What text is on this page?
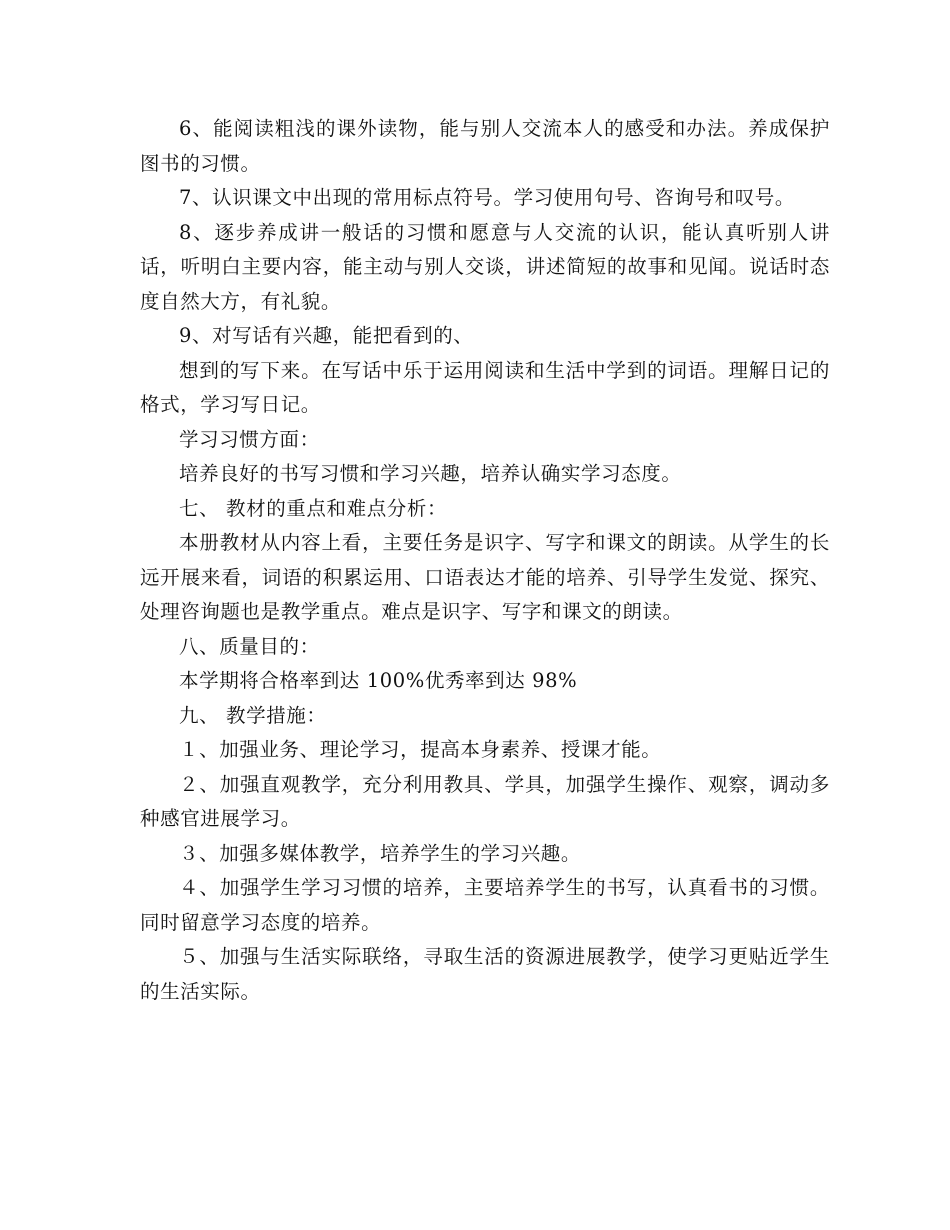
6、能阅读粗浅的课外读物，能与别人交流本人的感受和办法。养成保护图书的习惯。

7、认识课文中出现的常用标点符号。学习使用句号、咨询号和叹号。

8、逐步养成讲一般话的习惯和愿意与人交流的认识，能认真听别人讲话，听明白主要内容，能主动与别人交谈，讲述简短的故事和见闻。说话时态度自然大方，有礼貌。

9、对写话有兴趣，能把看到的、

想到的写下来。在写话中乐于运用阅读和生活中学到的词语。理解日记的格式，学习写日记。

学习习惯方面：

培养良好的书写习惯和学习兴趣，培养认确实学习态度。

七、 教材的重点和难点分析：

本册教材从内容上看，主要任务是识字、写字和课文的朗读。从学生的长远开展来看，词语的积累运用、口语表达才能的培养、引导学生发觉、探究、处理咨询题也是教学重点。难点是识字、写字和课文的朗读。

八、质量目的：

本学期将合格率到达 100%优秀率到达 98%

九、 教学措施：

１、加强业务、理论学习，提高本身素养、授课才能。

２、加强直观教学，充分利用教具、学具，加强学生操作、观察，调动多种感官进展学习。

３、加强多媒体教学，培养学生的学习兴趣。

４、加强学生学习习惯的培养，主要培养学生的书写，认真看书的习惯。同时留意学习态度的培养。

５、加强与生活实际联络，寻取生活的资源进展教学，使学习更贴近学生的生活实际。
